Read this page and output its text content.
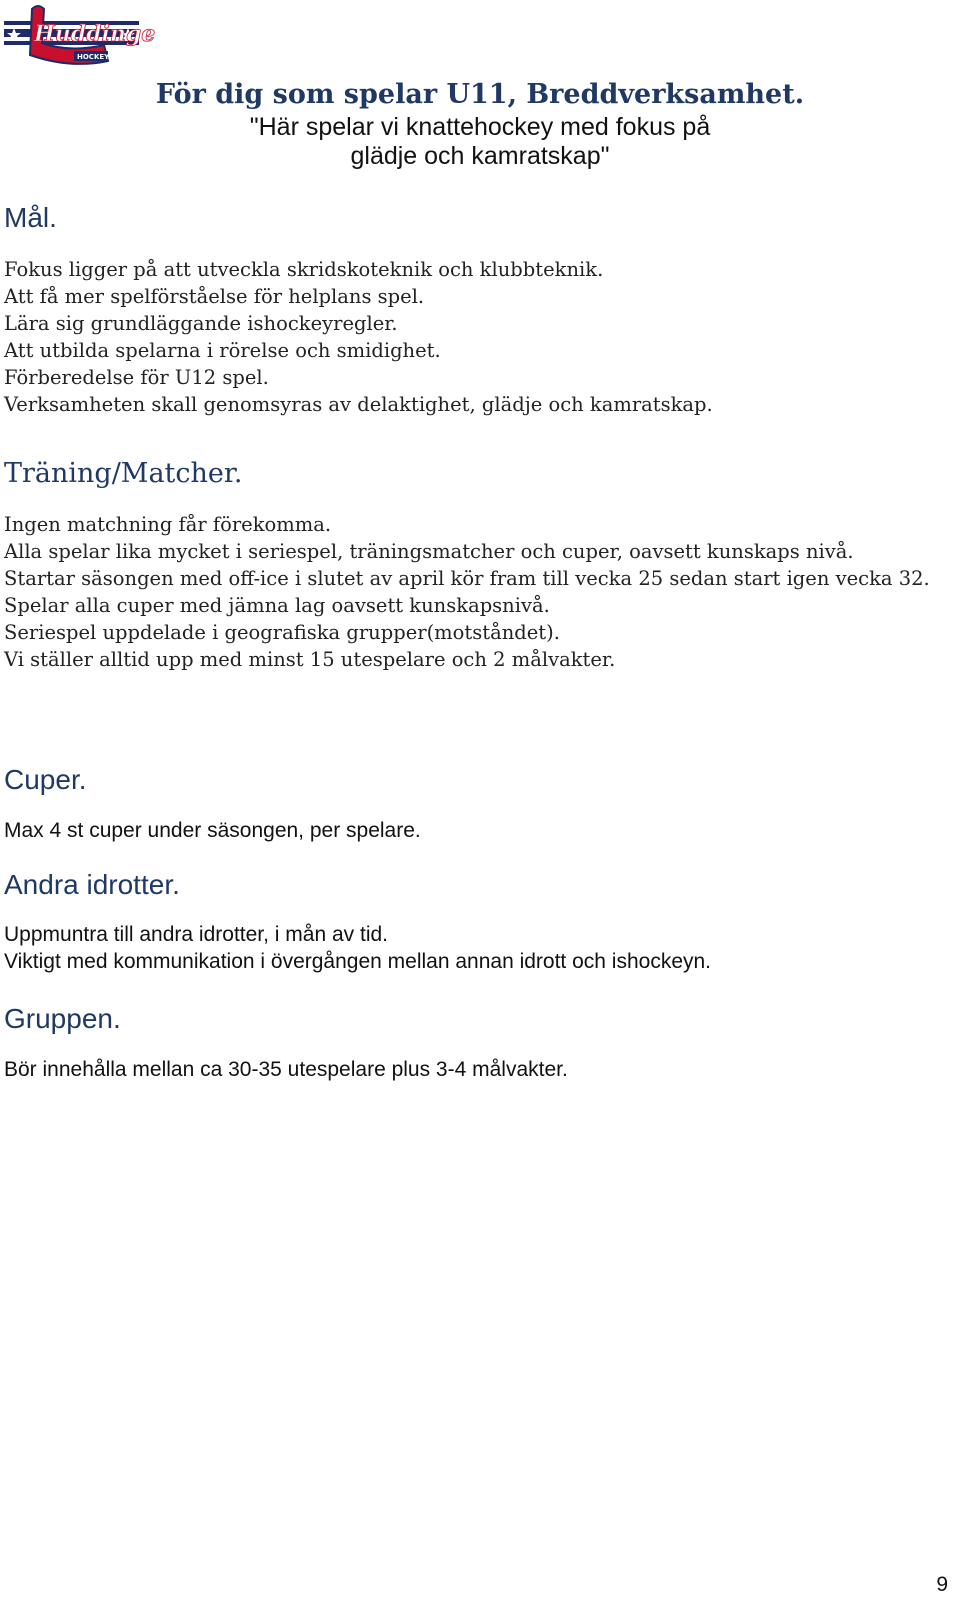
Huddinge
HOCKEY
För dig som spelar U11, Breddverksamhet.
"Här spelar vi knattehockey med fokus på
glädje och kamratskap"
Mål.
Fokus ligger på att utveckla skridskoteknik och klubbteknik.
Att få mer spelförståelse för helplans spel.
Lära sig grundläggande ishockeyregler.
Att utbilda spelarna i rörelse och smidighet.
Förberedelse för U12 spel.
Verksamheten skall genomsyras av delaktighet, glädje och kamratskap.
Träning/Matcher.
Ingen matchning får förekomma.
Alla spelar lika mycket i seriespel, träningsmatcher och cuper, oavsett kunskaps nivå.
Startar säsongen med off-ice i slutet av april kör fram till vecka 25 sedan start igen vecka 32.
Spelar alla cuper med jämna lag oavsett kunskapsnivå.
Seriespel uppdelade i geografiska grupper(motståndet).
Vi ställer alltid upp med minst 15 utespelare och 2 målvakter.
Cuper.
Max 4 st cuper under säsongen, per spelare.
Andra idrotter.
Uppmuntra till andra idrotter, i mån av tid.
Viktigt med kommunikation i övergången mellan annan idrott och ishockeyn.
Gruppen.
Bör innehålla mellan ca 30-35 utespelare plus 3-4 målvakter.
9
